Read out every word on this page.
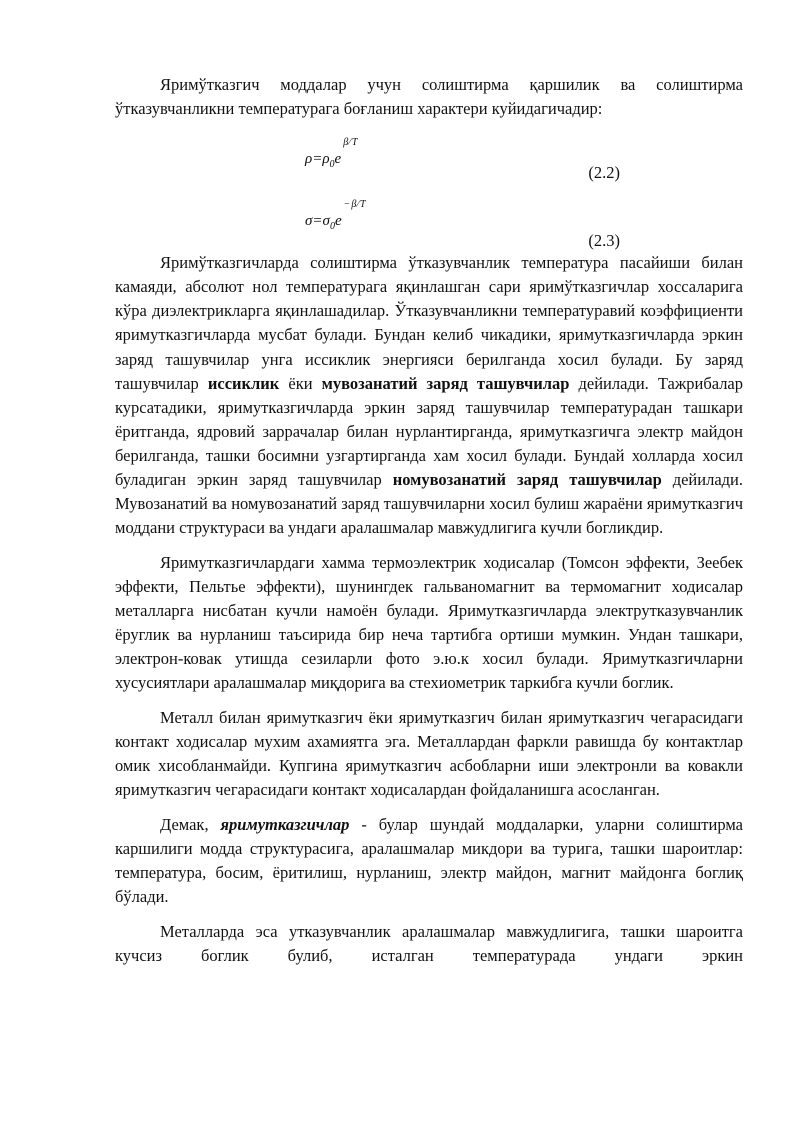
Яримўтказгич моддалар учун солиштирма қаршилик ва солиштирма ўтказувчанликни температурага боғланиш характери куйидагичадир:

$\rho=\rho_0e^{\beta⁄T}$
(2.2)
$\sigma=\sigma_0e^{-\beta⁄T}$
(2.3)

Яримўтказгичларда солиштирма ўтказувчанлик температура пасайиши билан камаяди, абсолют нол температурага яқинлашган сари яримўтказгичлар хоссаларига кўра диэлектрикларга яқинлашадилар. Ўтказувчанликни температуравий коэффициенти яримутказгичларда мусбат булади. Бундан келиб чикадики, яримутказгичларда эркин заряд ташувчилар унга иссиклик энергияси берилганда хосил булади. Бу заряд ташувчилар иссиклик ёки мувозанатий заряд ташувчилар дейилади. Тажрибалар курсатадики, яримутказгичларда эркин заряд ташувчилар температурадан ташкари ёритганда, ядровий заррачалар билан нурлантирганда, яримутказгичга электр майдон берилганда, ташки босимни узгартирганда хам хосил булади. Бундай холларда хосил буладиган эркин заряд ташувчилар номувозанатий заряд ташувчилар дейилади. Мувозанатий ва номувозанатий заряд ташувчиларни хосил булиш жараёни яримутказгич моддани структураси ва ундаги аралашмалар мавжудлигига кучли богликдир.

Яримутказгичлардаги хамма термоэлектрик ходисалар (Томсон эффекти, Зеебек эффекти, Пельтье эффекти), шунингдек гальваномагнит ва термомагнит ходисалар металларга нисбатан кучли намоён булади. Яримутказгичларда электрутказувчанлик ёруглик ва нурланиш таъсирида бир неча тартибга ортиши мумкин. Ундан ташкари, электрон-ковак утишда сезиларли фото э.ю.к хосил булади. Яримутказгичларни хусусиятлари аралашмалар миқдорига ва стехиометрик таркибга кучли боглик.

Металл билан яримутказгич ёки яримутказгич билан яримутказгич чегарасидаги контакт ходисалар мухим ахамиятга эга. Металлардан фаркли равишда бу контактлар омик хисобланмайди. Купгина яримутказгич асбобларни иши электронли ва ковакли яримутказгич чегарасидаги контакт ходисалардан фойдаланишга асосланган.

Демак, яримутказгичлар - булар шундай моддаларки, уларни солиштирма каршилиги модда структурасига, аралашмалар микдори ва турига, ташки шароитлар: температура, босим, ёритилиш, нурланиш, электр майдон, магнит майдонга боглиқ бўлади.

Металларда эса утказувчанлик аралашмалар мавжудлигига, ташки шароитга кучсиз боглик булиб, исталган температурада ундаги эркин
